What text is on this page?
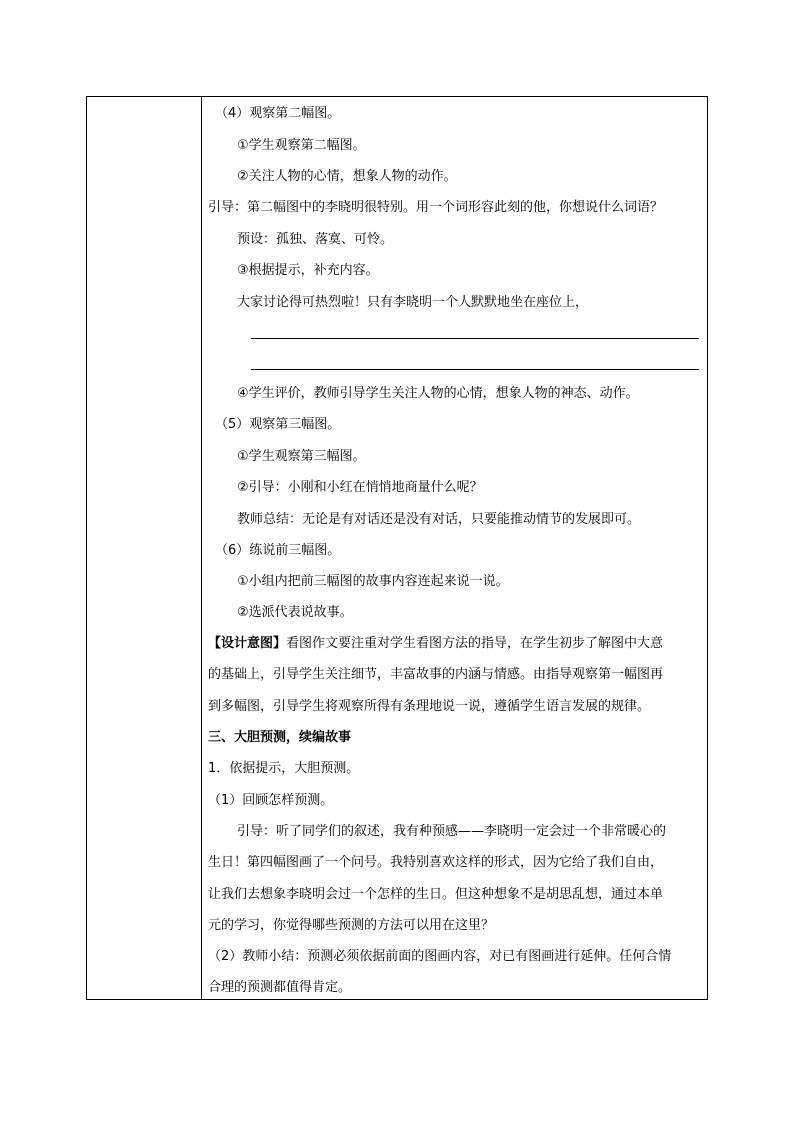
（4）观察第二幅图。
①学生观察第二幅图。
②关注人物的心情，想象人物的动作。
引导：第二幅图中的李晓明很特别。用一个词形容此刻的他，你想说什么词语？
预设：孤独、落寞、可怜。
③根据提示，补充内容。
大家讨论得可热烈啦！只有李晓明一个人默默地坐在座位上，
④学生评价，教师引导学生关注人物的心情，想象人物的神态、动作。
（5）观察第三幅图。
①学生观察第三幅图。
②引导：小刚和小红在悄悄地商量什么呢？
教师总结：无论是有对话还是没有对话，只要能推动情节的发展即可。
（6）练说前三幅图。
①小组内把前三幅图的故事内容连起来说一说。
②选派代表说故事。
【设计意图】看图作文要注重对学生看图方法的指导，在学生初步了解图中大意
的基础上，引导学生关注细节，丰富故事的内涵与情感。由指导观察第一幅图再
到多幅图，引导学生将观察所得有条理地说一说，遵循学生语言发展的规律。
三、大胆预测，续编故事
1．依据提示，大胆预测。
（1）回顾怎样预测。
引导：听了同学们的叙述，我有种预感——李晓明一定会过一个非常暖心的
生日！第四幅图画了一个问号。我特别喜欢这样的形式，因为它给了我们自由，
让我们去想象李晓明会过一个怎样的生日。但这种想象不是胡思乱想，通过本单
元的学习，你觉得哪些预测的方法可以用在这里？
（2）教师小结：预测必须依据前面的图画内容，对已有图画进行延伸。任何合情
合理的预测都值得肯定。
